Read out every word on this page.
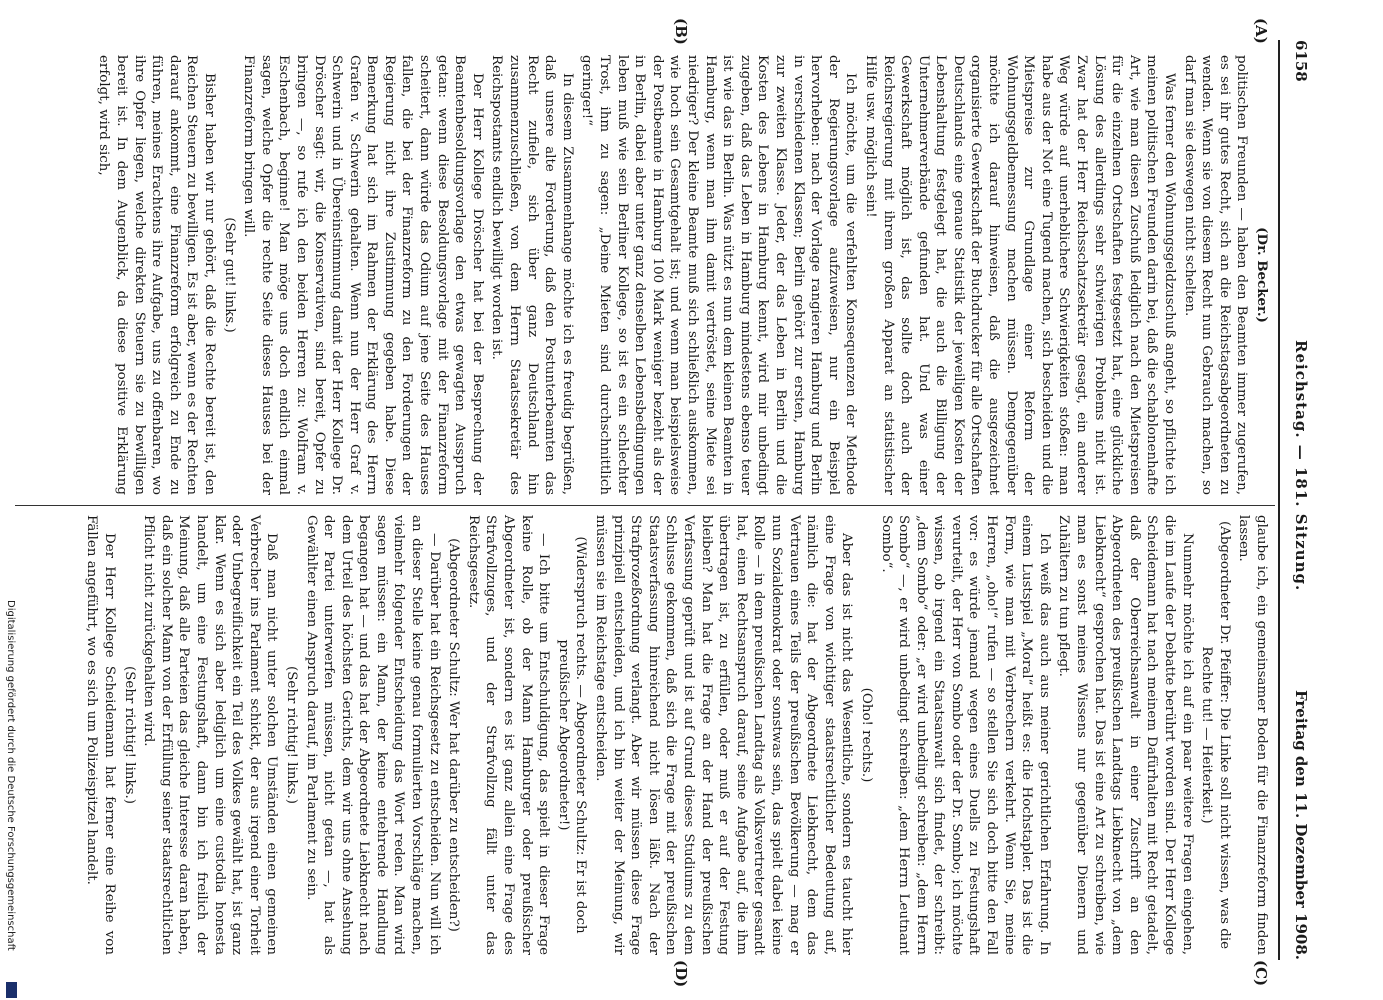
6158
Reichstag. — 181. Sitzung.
Freitag den 11. Dezember 1908.
(A)
(B)
(C)
(D)

(Dr. Becker.)

politischen Freunden — haben den Beamten immer zugerufen, es sei ihr gutes Recht, sich an die Reichstagsabgeordneten zu wenden. Wenn sie von diesem Recht nun Gebrauch machen, so darf man sie deswegen nicht schelten.

Was ferner den Wohnungsgeldzuschuß angeht, so pflichte ich meinen politischen Freunden darin bei, daß die schablonenhafte Art, wie man diesen Zuschuß lediglich nach den Mietspreisen für die einzelnen Ortschaften festgesetzt hat, eine glückliche Lösung des allerdings sehr schwierigen Problems nicht ist. Zwar hat der Herr Reichsschatzsekretär gesagt, ein anderer Weg würde auf unerheblichere Schwierigkeiten stoßen: man habe aus der Not eine Tugend machen, sich bescheiden und die Mietspreise zur Grundlage einer Reform der Wohnungsgeldbemessung machen müssen. Demgegenüber möchte ich darauf hinweisen, daß die ausgezeichnet organisierte Gewerkschaft der Buchdrucker für alle Ortschaften Deutschlands eine genaue Statistik der jeweiligen Kosten der Lebenshaltung festgelegt hat, die auch die Billigung der Unternehmerverbände gefunden hat. Und was einer Gewerkschaft möglich ist, das sollte doch auch der Reichsregierung mit ihrem großen Apparat an statistischer Hilfe usw. möglich sein!

Ich möchte, um die verfehlten Konsequenzen der Methode der Regierungsvorlage aufzuweisen, nur ein Beispiel hervorheben: nach der Vorlage rangieren Hamburg und Berlin in verschiedenen Klassen; Berlin gehört zur ersten, Hamburg zur zweiten Klasse. Jeder, der das Leben in Berlin und die Kosten des Lebens in Hamburg kennt, wird mir unbedingt zugeben, daß das Leben in Hamburg mindestens ebenso teuer ist wie das in Berlin. Was nützt es nun dem kleinen Beamten in Hamburg, wenn man ihm damit vertröstet, seine Miete sei niedriger? Der kleine Beamte muß sich schließlich auskommen, wie hoch sein Gesamtgehalt ist; und wenn man beispielsweise der Postbeamte in Hamburg 100 Mark weniger bezieht als der in Berlin, dabei aber unter ganz denselben Lebensbedingungen leben muß wie sein Berliner Kollege, so ist es ein schlechter Trost, ihm zu sagen: „Deine Mieten sind durchschnittlich geringer!“

In diesem Zusammenhange möchte ich es freudig begrüßen, daß unsere alte Forderung, daß den Postunterbeamten das Recht zufiele, sich über ganz Deutschland hin zusammenzuschließen, von dem Herrn Staatssekretär des Reichspostamts endlich bewilligt worden ist.

Der Herr Kollege Dröscher hat bei der Besprechung der Beamtenbesoldungsvorlage den etwas gewagten Ausspruch getan: wenn diese Besoldungsvorlage mit der Finanzreform scheitert, dann würde das Odium auf jene Seite des Hauses fallen, die bei der Finanzreform zu den Forderungen der Regierung nicht ihre Zustimmung gegeben habe. Diese Bemerkung hat sich im Rahmen der Erklärung des Herrn Grafen v. Schwerin gehalten. Wenn nun der Herr Graf v. Schwerin und in Übereinstimmung damit der Herr Kollege Dr. Dröscher sagt: wir, die Konservativen, sind bereit, Opfer zu bringen —, so rufe ich den beiden Herren zu: Wolfram v. Eschenbach, beginne! Man möge uns doch endlich einmal sagen, welche Opfer die rechte Seite dieses Hauses bei der Finanzreform bringen will.

(Sehr gut! links.)

Bisher haben wir nur gehört, daß die Rechte bereit ist, den Reichen Steuern zu bewilligen. Es ist aber, wenn es der Rechten darauf ankommt, eine Finanzreform erfolgreich zu Ende zu führen, meines Erachtens ihre Aufgabe, uns zu offenbaren, wo ihre Opfer liegen, welche direkten Steuern sie zu bewilligen bereit ist. In dem Augenblick, da diese positive Erklärung erfolgt, wird sich,

glaube ich, ein gemeinsamer Boden für die Finanzreform finden lassen.

(Abgeordneter Dr. Pfeiffer: Die Linke soll nicht wissen, was die Rechte tut! — Heiterkeit.)

Nunmehr möchte ich auf ein paar weitere Fragen eingehen, die im Laufe der Debatte berührt worden sind. Der Herr Kollege Scheidemann hat nach meinem Dafürhalten mit Recht getadelt, daß der Oberreichsanwalt in einer Zuschrift an den Abgeordneten des preußischen Landtags Liebknecht von „dem Liebknecht“ gesprochen hat. Das ist eine Art zu schreiben, wie man es sonst meines Wissens nur gegenüber Dienern und Zuhältern zu tun pflegt.

Ich weiß das auch aus meiner gerichtlichen Erfahrung. In einem Lustspiel „Moral“ heißt es: die Hochstapler. Das ist die Form, wie man mit Verbrechern verkehrt. Wenn Sie, meine Herren, „oho!“ rufen — so stellen Sie sich doch bitte den Fall vor: es würde jemand wegen eines Duells zu Festungshaft verurteilt, der Herr von Sombo oder der Dr. Sombo; ich möchte wissen, ob irgend ein Staatsanwalt sich findet, der schreibt: „dem Sombo“ oder: „er wird unbedingt schreiben: „dem Herrn Sombo“ —, er wird unbedingt schreiben: „dem Herrn Leutnant Sombo“.

(Oho! rechts.)

Aber das ist nicht das Wesentliche, sondern es taucht hier eine Frage von wichtiger staatsrechtlicher Bedeutung auf, nämlich die: hat der Abgeordnete Liebknecht, dem das Vertrauen eines Teils der preußischen Bevölkerung — mag er nun Sozialdemokrat oder sonstwas sein, das spielt dabei keine Rolle — in dem preußischen Landtag als Volksvertreter gesandt hat, einen Rechtsanspruch darauf, seine Aufgabe auf, die ihm übertragen ist, zu erfüllen, oder muß er auf der Festung bleiben? Man hat die Frage an der Hand der preußischen Verfassung geprüft und ist auf Grund dieses Studiums zu dem Schlusse gekommen, daß sich die Frage mit der preußischen Staatsverfassung hinreichend nicht lösen läßt. Nach der Strafprozeßordnung verlangt. Aber wir müssen diese Frage prinzipiell entscheiden, und ich bin weiter der Meinung, wir müssen sie im Reichstage entscheiden.

(Widerspruch rechts. — Abgeordneter Schultz: Er ist doch preußischer Abgeordneter!)

— Ich bitte um Entschuldigung, das spielt in dieser Frage keine Rolle, ob der Mann Hamburger oder preußischer Abgeordneter ist, sondern es ist ganz allein eine Frage des Strafvollzuges, und der Strafvollzug fällt unter das Reichsgesetz.

(Abgeordneter Schultz: Wer hat darüber zu entscheiden?)

— Darüber hat ein Reichsgesetz zu entscheiden. Nun will ich an dieser Stelle keine genau formulierten Vorschläge machen, vielmehr folgender Entscheidung das Wort reden. Man wird sagen müssen: ein Mann, der keine entehrende Handlung begangen hat — und das hat der Abgeordnete Liebknecht nach dem Urteil des höchsten Gerichts, dem wir uns ohne Ansehung der Partei unterwerfen müssen, nicht getan —, hat als Gewählter einen Anspruch darauf, im Parlament zu sein.

(Sehr richtig! links.)

Daß man nicht unter solchen Umständen einen gemeinen Verbrecher ins Parlament schickt, der aus irgend einer Torheit oder Unbegreiflichkeit ein Teil des Volkes gewählt hat, ist ganz klar. Wenn es sich aber lediglich um eine custodia honesta handelt, um eine Festungshaft, dann bin ich freilich der Meinung, daß alle Parteien das gleiche Interesse daran haben, daß ein solcher Mann von der Erfüllung seiner staatsrechtlichen Pflicht nicht zurückgehalten wird.

(Sehr richtig! links.)

Der Herr Kollege Scheidemann hat ferner eine Reihe von Fällen angeführt, wo es sich um Polizeispitzel handelt.

Digitalisierung gefördert durch die Deutsche Forschungsgemeinschaft
